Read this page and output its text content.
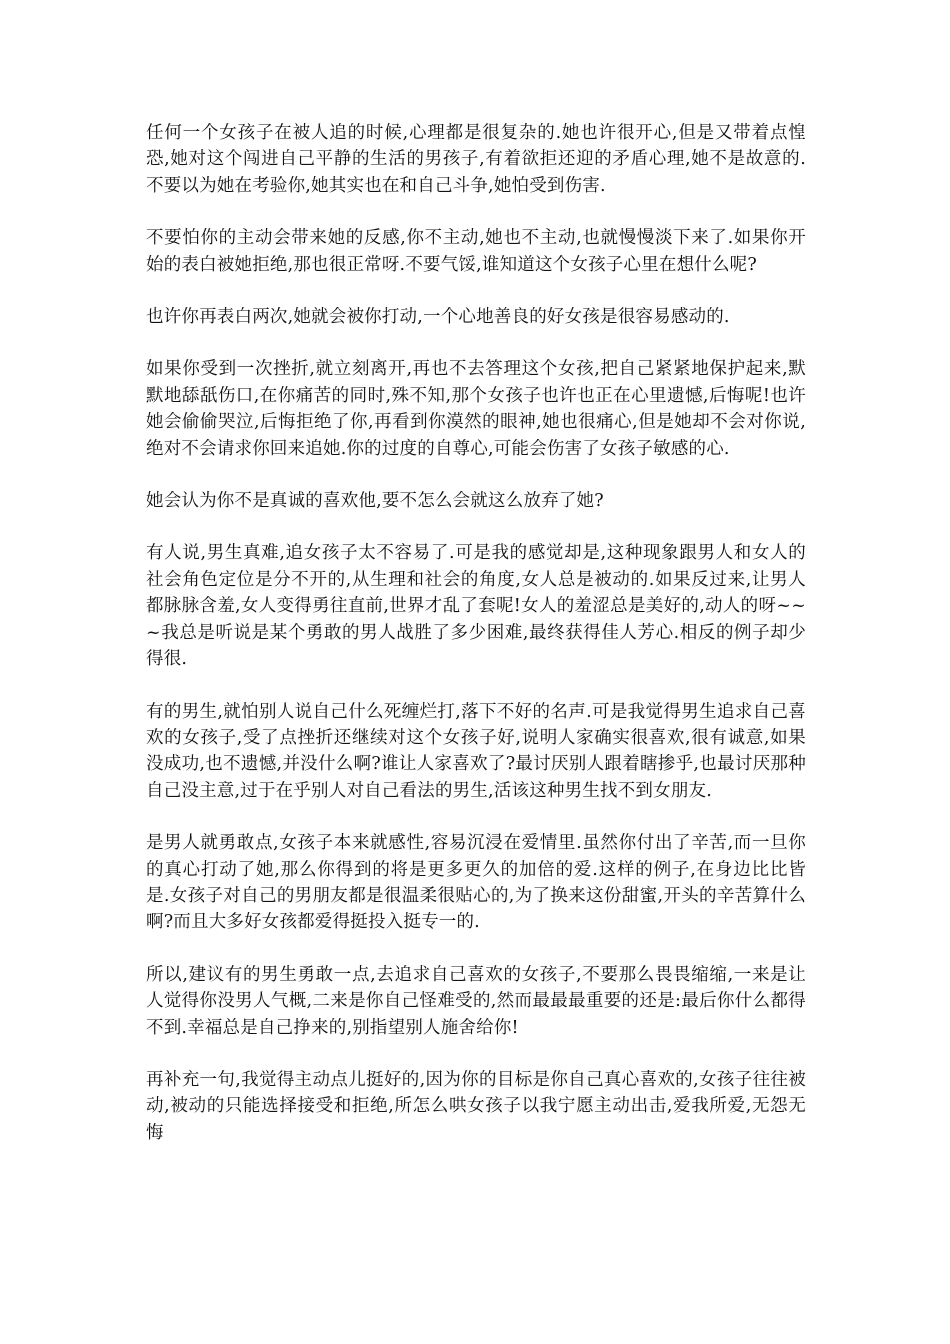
任何一个女孩子在被人追的时候,心理都是很复杂的.她也许很开心,但是又带着点惶恐,她对这个闯进自己平静的生活的男孩子,有着欲拒还迎的矛盾心理,她不是故意的.不要以为她在考验你,她其实也在和自己斗争,她怕受到伤害.

不要怕你的主动会带来她的反感,你不主动,她也不主动,也就慢慢淡下来了.如果你开始的表白被她拒绝,那也很正常呀.不要气馁,谁知道这个女孩子心里在想什么呢?

也许你再表白两次,她就会被你打动,一个心地善良的好女孩是很容易感动的.

如果你受到一次挫折,就立刻离开,再也不去答理这个女孩,把自己紧紧地保护起来,默默地舔舐伤口,在你痛苦的同时,殊不知,那个女孩子也许也正在心里遗憾,后悔呢!也许她会偷偷哭泣,后悔拒绝了你,再看到你漠然的眼神,她也很痛心,但是她却不会对你说,绝对不会请求你回来追她.你的过度的自尊心,可能会伤害了女孩子敏感的心.

她会认为你不是真诚的喜欢他,要不怎么会就这么放弃了她?

有人说,男生真难,追女孩子太不容易了.可是我的感觉却是,这种现象跟男人和女人的社会角色定位是分不开的,从生理和社会的角度,女人总是被动的.如果反过来,让男人都脉脉含羞,女人变得勇往直前,世界才乱了套呢!女人的羞涩总是美好的,动人的呀~~~我总是听说是某个勇敢的男人战胜了多少困难,最终获得佳人芳心.相反的例子却少得很.

有的男生,就怕别人说自己什么死缠烂打,落下不好的名声.可是我觉得男生追求自己喜欢的女孩子,受了点挫折还继续对这个女孩子好,说明人家确实很喜欢,很有诚意,如果没成功,也不遗憾,并没什么啊?谁让人家喜欢了?最讨厌别人跟着瞎掺乎,也最讨厌那种自己没主意,过于在乎别人对自己看法的男生,活该这种男生找不到女朋友.

是男人就勇敢点,女孩子本来就感性,容易沉浸在爱情里.虽然你付出了辛苦,而一旦你的真心打动了她,那么你得到的将是更多更久的加倍的爱.这样的例子,在身边比比皆是.女孩子对自己的男朋友都是很温柔很贴心的,为了换来这份甜蜜,开头的辛苦算什么啊?而且大多好女孩都爱得挺投入挺专一的.

所以,建议有的男生勇敢一点,去追求自己喜欢的女孩子,不要那么畏畏缩缩,一来是让人觉得你没男人气概,二来是你自己怪难受的,然而最最最重要的还是:最后你什么都得不到.幸福总是自己挣来的,别指望别人施舍给你!

再补充一句,我觉得主动点儿挺好的,因为你的目标是你自己真心喜欢的,女孩子往往被动,被动的只能选择接受和拒绝,所怎么哄女孩子以我宁愿主动出击,爱我所爱,无怨无悔
